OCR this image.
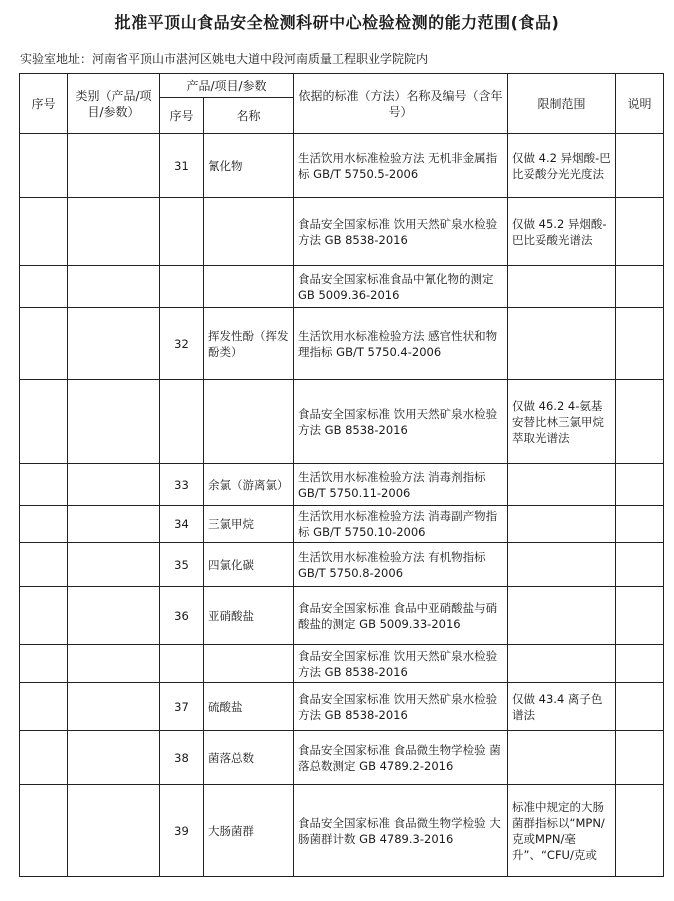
批准平顶山食品安全检测科研中心检验检测的能力范围(食品)
实验室地址：河南省平顶山市湛河区姚电大道中段河南质量工程职业学院院内
序号	类别（产品/项目/参数）	产品/项目/参数		依据的标准（方法）名称及编号（含年号）	限制范围	说明
		序号	名称			
		31	氰化物	生活饮用水标准检验方法 无机非金属指标 GB/T 5750.5-2006	仅做 4.2 异烟酸-巴比妥酸分光光度法	
				食品安全国家标准 饮用天然矿泉水检验方法 GB 8538-2016	仅做 45.2 异烟酸-巴比妥酸光谱法	
				食品安全国家标准食品中氰化物的测定 GB 5009.36-2016		
		32	挥发性酚（挥发酚类）	生活饮用水标准检验方法 感官性状和物理指标 GB/T 5750.4-2006		
				食品安全国家标准 饮用天然矿泉水检验方法 GB 8538-2016	仅做 46.2 4-氨基安替比林三氯甲烷萃取光谱法	
		33	余氯（游离氯）	生活饮用水标准检验方法 消毒剂指标 GB/T 5750.11-2006		
		34	三氯甲烷	生活饮用水标准检验方法 消毒副产物指标 GB/T 5750.10-2006		
		35	四氯化碳	生活饮用水标准检验方法 有机物指标 GB/T 5750.8-2006		
		36	亚硝酸盐	食品安全国家标准 食品中亚硝酸盐与硝酸盐的测定 GB 5009.33-2016		
				食品安全国家标准 饮用天然矿泉水检验方法 GB 8538-2016		
		37	硫酸盐	食品安全国家标准 饮用天然矿泉水检验方法 GB 8538-2016	仅做 43.4 离子色谱法	
		38	菌落总数	食品安全国家标准 食品微生物学检验 菌落总数测定 GB 4789.2-2016		
		39	大肠菌群	食品安全国家标准 食品微生物学检验 大肠菌群计数 GB 4789.3-2016	标准中规定的大肠菌群指标以“MPN/克或MPN/毫升”、“CFU/克或	
